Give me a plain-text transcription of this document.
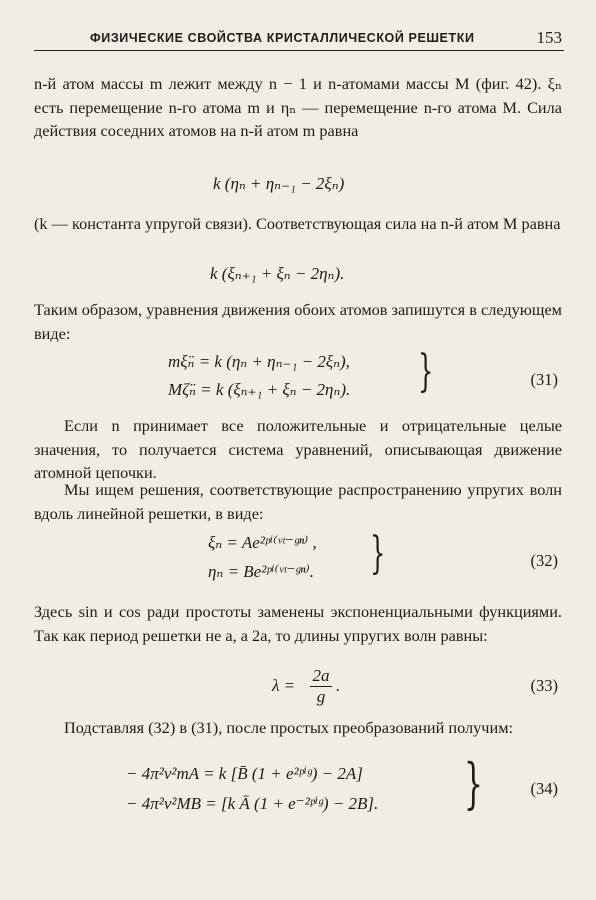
ФИЗИЧЕСКИЕ СВОЙСТВА КРИСТАЛЛИЧЕСКОЙ РЕШЕТКИ	153
n-й атом массы m лежит между n − 1 и n-атомами массы M (фиг. 42). ξₙ есть перемещение n-го атома m и ηₙ — перемещение n-го атома M. Сила действия соседних атомов на n-й атом m равна
k (ηₙ + ηₙ₋₁ − 2ξₙ)
(k — константа упругой связи). Соответствующая сила на n-й атом M равна
k (ξₙ₊₁ + ξₙ − 2ηₙ).
Таким образом, уравнения движения обоих атомов запишутся в следующем виде:
mξ̈ₙ = k (ηₙ + ηₙ₋₁ − 2ξₙ),
Mζ̈ₙ = k (ξₙ₊₁ + ξₙ − 2ηₙ). }	(31)
Если n принимает все положительные и отрицательные целые значения, то получается система уравнений, описывающая движение атомной цепочки.
Мы ищем решения, соответствующие распространению упругих волн вдоль линейной решетки, в виде:
ξₙ = Ae²ᵖⁱ⁽ᵛᵗ⁻ᵍⁿ⁾ ,
ηₙ = Be²ᵖⁱ⁽ᵛᵗ⁻ᵍⁿ⁾. }	(32)
Здесь sin и cos ради простоты заменены экспоненциальными функциями. Так как период решетки не a, а 2a, то длины упругих волн равны:
$\lambda = \frac{2a}{g}$ .	(33)
Подставляя (32) в (31), после простых преобразований получим:
− 4π²ν²mA = k [B̄ (1 + e²ᵖⁱᵍ) − 2A]
− 4π²ν²MB = [k Ā (1 + e⁻²ᵖⁱᵍ) − 2B]. }	(34)
